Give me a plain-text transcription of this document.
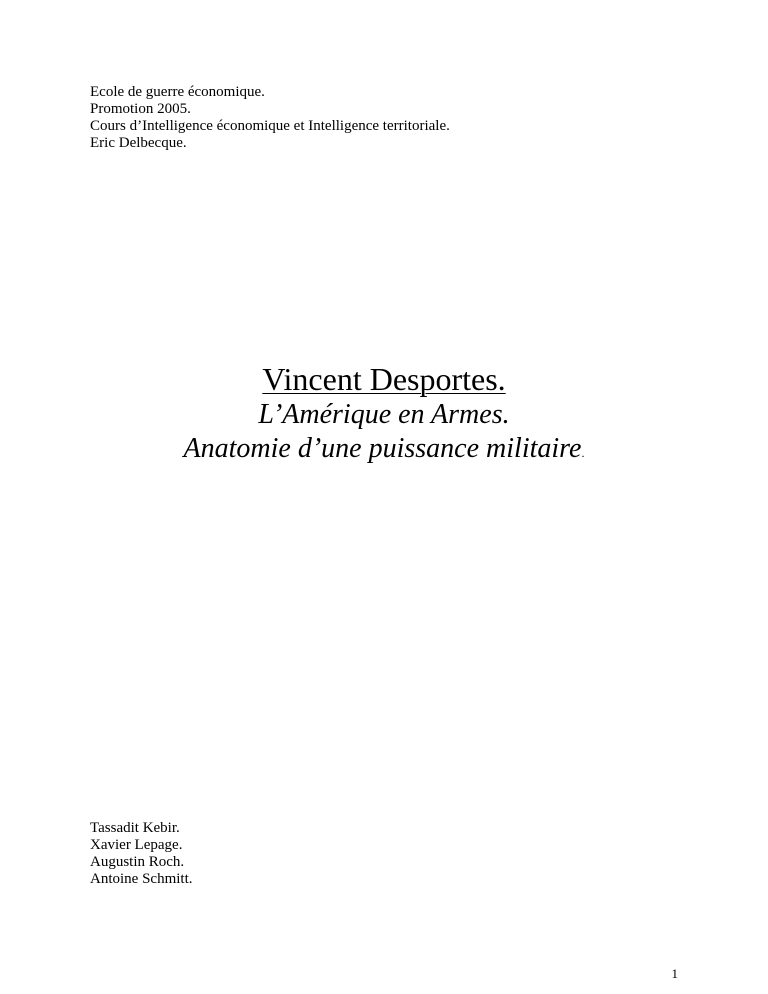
Ecole de guerre économique.
Promotion 2005.
Cours d’Intelligence économique et Intelligence territoriale.
Eric Delbecque.
Vincent Desportes.
L’Amérique en Armes.
Anatomie d’une puissance militaire.
Tassadit Kebir.
Xavier Lepage.
Augustin Roch.
Antoine Schmitt.
1
